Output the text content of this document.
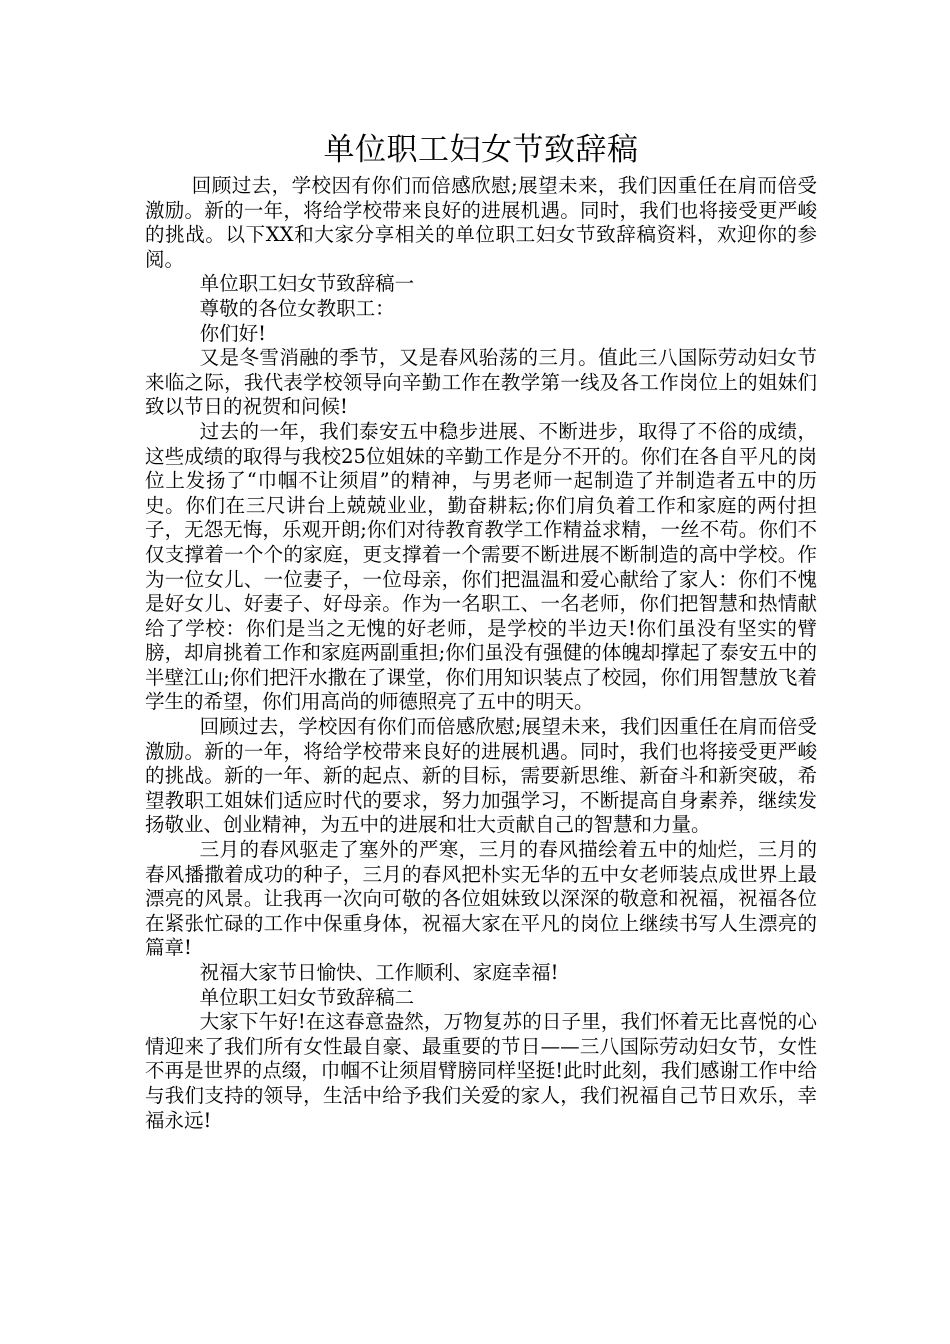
单位职工妇女节致辞稿

回顾过去，学校因有你们而倍感欣慰;展望未来，我们因重任在肩而倍受激励。新的一年，将给学校带来良好的进展机遇。同时，我们也将接受更严峻的挑战。以下XX和大家分享相关的单位职工妇女节致辞稿资料，欢迎你的参阅。

单位职工妇女节致辞稿一

尊敬的各位女教职工：

你们好!

又是冬雪消融的季节，又是春风骀荡的三月。值此三八国际劳动妇女节来临之际，我代表学校领导向辛勤工作在教学第一线及各工作岗位上的姐妹们致以节日的祝贺和问候!

过去的一年，我们泰安五中稳步进展、不断进步，取得了不俗的成绩，这些成绩的取得与我校25位姐妹的辛勤工作是分不开的。你们在各自平凡的岗位上发扬了“巾帼不让须眉”的精神，与男老师一起制造了并制造者五中的历史。你们在三尺讲台上兢兢业业，勤奋耕耘;你们肩负着工作和家庭的两付担子，无怨无悔，乐观开朗;你们对待教育教学工作精益求精，一丝不苟。你们不仅支撑着一个个的家庭，更支撑着一个需要不断进展不断制造的高中学校。作为一位女儿、一位妻子，一位母亲，你们把温温和爱心献给了家人：你们不愧是好女儿、好妻子、好母亲。作为一名职工、一名老师，你们把智慧和热情献给了学校：你们是当之无愧的好老师，是学校的半边天!你们虽没有坚实的臂膀，却肩挑着工作和家庭两副重担;你们虽没有强健的体魄却撑起了泰安五中的半壁江山;你们把汗水撒在了课堂，你们用知识装点了校园，你们用智慧放飞着学生的希望，你们用高尚的师德照亮了五中的明天。

回顾过去，学校因有你们而倍感欣慰;展望未来，我们因重任在肩而倍受激励。新的一年，将给学校带来良好的进展机遇。同时，我们也将接受更严峻的挑战。新的一年、新的起点、新的目标，需要新思维、新奋斗和新突破，希望教职工姐妹们适应时代的要求，努力加强学习，不断提高自身素养，继续发扬敬业、创业精神，为五中的进展和壮大贡献自己的智慧和力量。

三月的春风驱走了塞外的严寒，三月的春风描绘着五中的灿烂，三月的春风播撒着成功的种子，三月的春风把朴实无华的五中女老师装点成世界上最漂亮的风景。让我再一次向可敬的各位姐妹致以深深的敬意和祝福，祝福各位在紧张忙碌的工作中保重身体，祝福大家在平凡的岗位上继续书写人生漂亮的篇章!

祝福大家节日愉快、工作顺利、家庭幸福!

单位职工妇女节致辞稿二

大家下午好!在这春意盎然，万物复苏的日子里，我们怀着无比喜悦的心情迎来了我们所有女性最自豪、最重要的节日——三八国际劳动妇女节，女性不再是世界的点缀，巾帼不让须眉臂膀同样坚挺!此时此刻，我们感谢工作中给与我们支持的领导，生活中给予我们关爱的家人，我们祝福自己节日欢乐，幸福永远!
